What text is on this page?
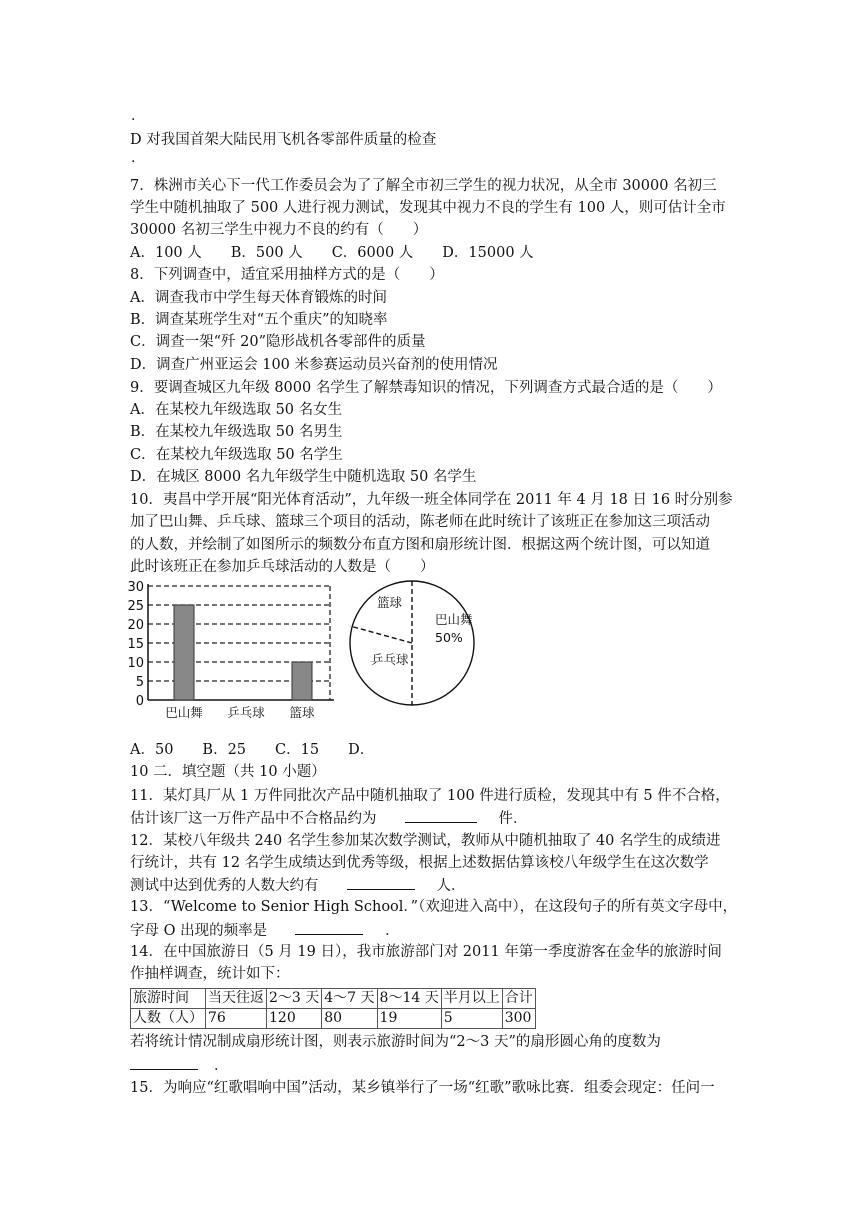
.
D 对我国首架大陆民用飞机各零部件质量的检查
.
7．株洲市关心下一代工作委员会为了了解全市初三学生的视力状况，从全市 30000 名初三
学生中随机抽取了 500 人进行视力测试，发现其中视力不良的学生有 100 人，则可估计全市
30000 名初三学生中视力不良的约有（　　）
A．100 人　　B．500 人　　C．6000 人　　D．15000 人
8．下列调查中，适宜采用抽样方式的是（　　）
A．调查我市中学生每天体育锻炼的时间
B．调查某班学生对“五个重庆”的知晓率
C．调查一架“歼 20”隐形战机各零部件的质量
D．调查广州亚运会 100 米参赛运动员兴奋剂的使用情况
9．要调查城区九年级 8000 名学生了解禁毒知识的情况，下列调查方式最合适的是（　　）
A．在某校九年级选取 50 名女生
B．在某校九年级选取 50 名男生
C．在某校九年级选取 50 名学生
D．在城区 8000 名九年级学生中随机选取 50 名学生
10．夷昌中学开展“阳光体育活动”，九年级一班全体同学在 2011 年 4 月 18 日 16 时分别参
加了巴山舞、乒乓球、篮球三个项目的活动，陈老师在此时统计了该班正在参加这三项活动
的人数，并绘制了如图所示的频数分布直方图和扇形统计图．根据这两个统计图，可以知道
此时该班正在参加乒乓球活动的人数是（　　）
0
5
10
15
20
25
30
巴山舞 乒乓球 篮球
篮球
巴山舞
50%
乒乓球
A．50　　B．25　　C．15　　D．
10 二．填空题（共 10 小题）
11．某灯具厂从 1 万件同批次产品中随机抽取了 100 件进行质检，发现其中有 5 件不合格，
估计该厂这一万件产品中不合格品约为	件．
12．某校八年级共 240 名学生参加某次数学测试，教师从中随机抽取了 40 名学生的成绩进
行统计，共有 12 名学生成绩达到优秀等级，根据上述数据估算该校八年级学生在这次数学
测试中达到优秀的人数大约有	人．
13．“Welcome to Senior High School．”（欢迎进入高中），在这段句子的所有英文字母中，
字母 O 出现的频率是	．
14．在中国旅游日（5 月 19 日），我市旅游部门对 2011 年第一季度游客在金华的旅游时间
作抽样调查，统计如下：
旅游时间	当天往返	2～3 天	4～7 天	8～14 天	半月以上	合计
人数（人）	76	120	80	19	5	300
若将统计情况制成扇形统计图，则表示旅游时间为“2～3 天”的扇形圆心角的度数为
．
15．为响应“红歌唱响中国”活动，某乡镇举行了一场“红歌”歌咏比赛．组委会现定：任问一
